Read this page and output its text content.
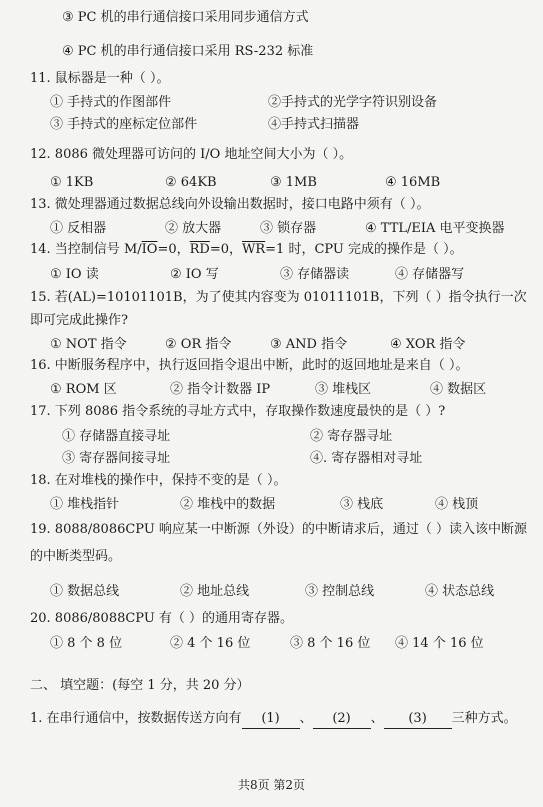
③ PC 机的串行通信接口采用同步通信方式
④ PC 机的串行通信接口采用 RS-232 标准
11. 鼠标器是一种（ ）。
① 手持式的作图部件	②手持式的光学字符识别设备
③ 手持式的座标定位部件	④手持式扫描器
12. 8086 微处理器可访问的 I/O 地址空间大小为（ ）。
① 1KB	② 64KB	③ 1MB	④ 16MB
13. 微处理器通过数据总线向外设输出数据时，接口电路中须有（ ）。
① 反相器	② 放大器	③ 锁存器	④ TTL/EIA 电平变换器
14. 当控制信号 $M/\overline{IO}=0$，$\overline{RD}=0$，$\overline{WR}=1$ 时，CPU 完成的操作是（ ）。
① IO 读	② IO 写	③ 存储器读	④ 存储器写
15. 若(AL)=10101101B，为了使其内容变为 01011101B，下列（ ）指令执行一次
即可完成此操作?
① NOT 指令	② OR 指令	③ AND 指令	④ XOR 指令
16. 中断服务程序中，执行返回指令退出中断，此时的返回地址是来自（ ）。
① ROM 区	② 指令计数器 IP	③ 堆栈区	④ 数据区
17. 下列 8086 指令系统的寻址方式中，存取操作数速度最快的是（ ）?
① 存储器直接寻址	② 寄存器寻址
③ 寄存器间接寻址	④. 寄存器相对寻址
18. 在对堆栈的操作中，保持不变的是（ ）。
① 堆栈指针	② 堆栈中的数据	③ 栈底	④ 栈顶
19. 8088/8086CPU 响应某一中断源（外设）的中断请求后，通过（ ）读入该中断源
的中断类型码。
① 数据总线	② 地址总线	③ 控制总线	④ 状态总线
20. 8086/8088CPU 有（ ）的通用寄存器。
① 8 个 8 位	② 4 个 16 位	③ 8 个 16 位 ④ 14 个 16 位
二、 填空题：(每空 1 分，共 20 分）
1. 在串行通信中，按数据传送方向有 (1) 、 (2) 、 (3) 三种方式。
共8页 第2页
